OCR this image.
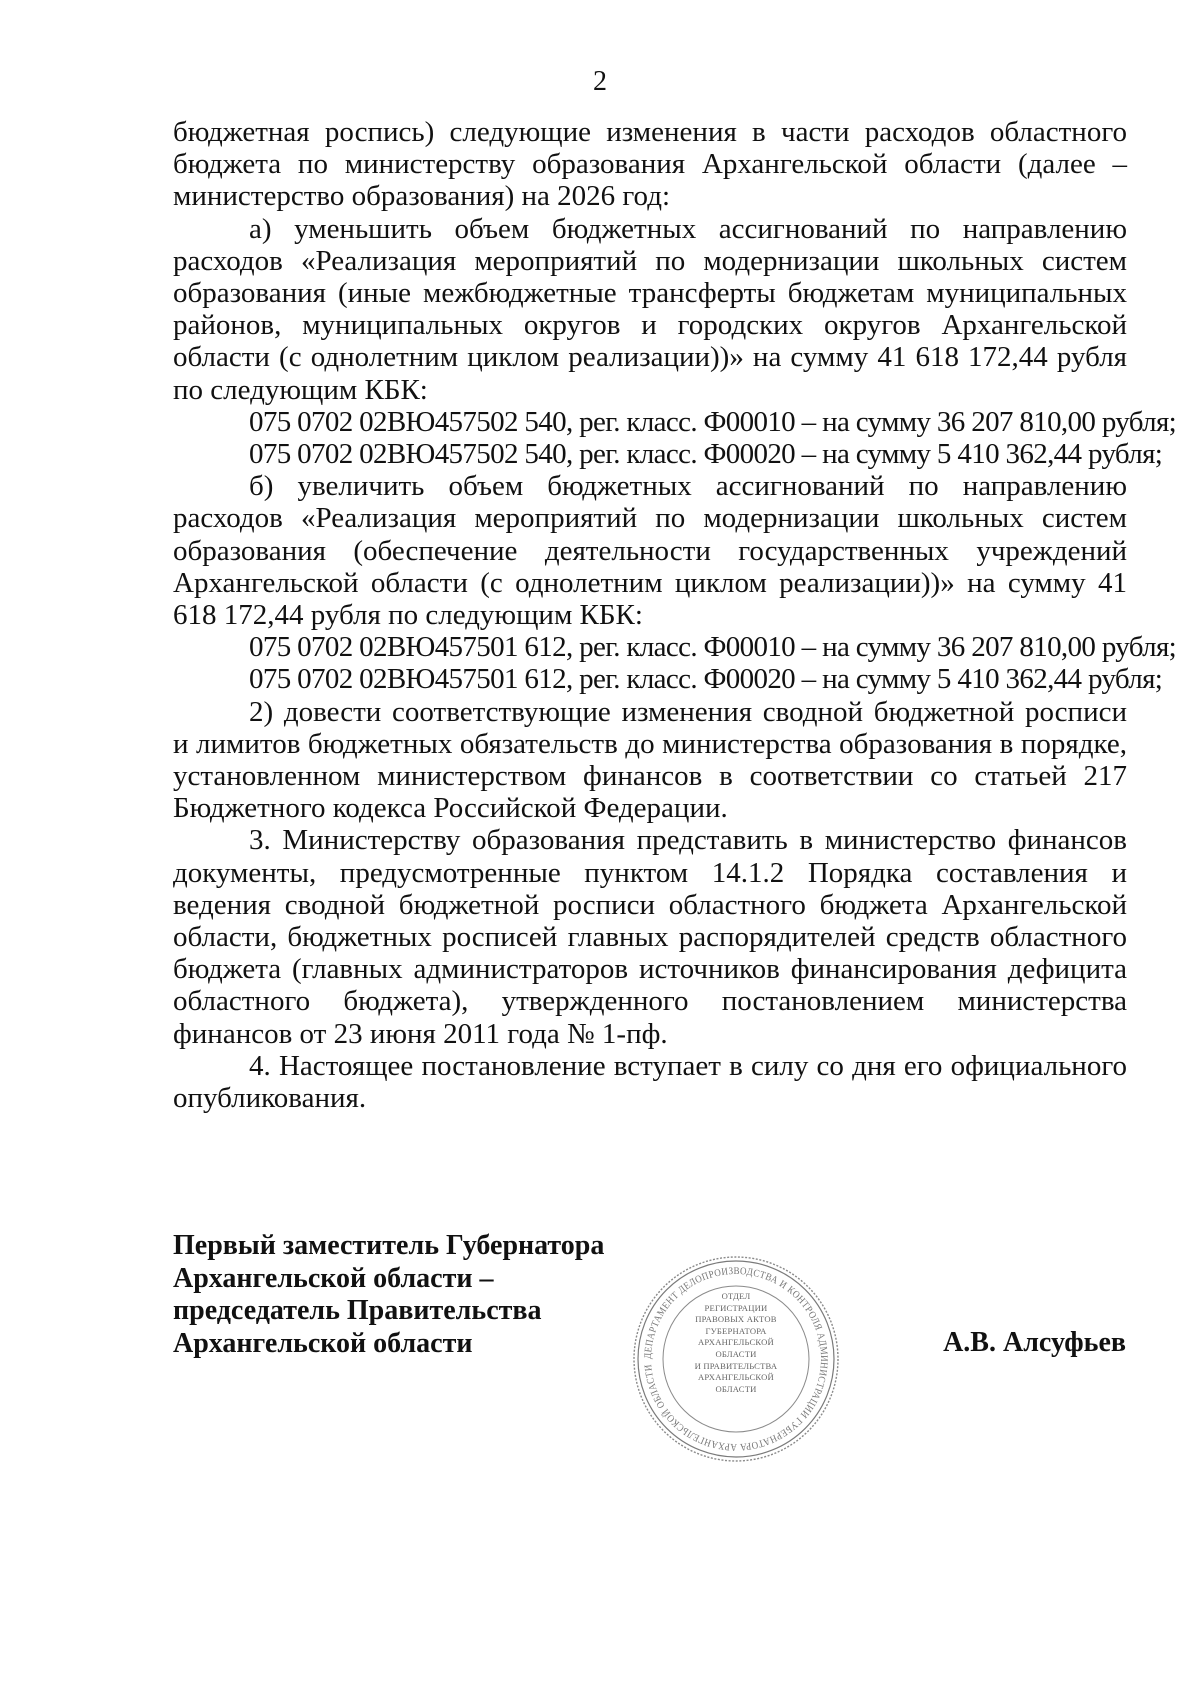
2

бюджетная роспись) следующие изменения в части расходов областного бюджета по министерству образования Архангельской области (далее – министерство образования) на 2026 год:

а) уменьшить объем бюджетных ассигнований по направлению расходов «Реализация мероприятий по модернизации школьных систем образования (иные межбюджетные трансферты бюджетам муниципальных районов, муниципальных округов и городских округов Архангельской области (с однолетним циклом реализации))» на сумму 41 618 172,44 рубля по следующим КБК:

075 0702 02ВЮ457502 540, рег. класс. Ф00010 – на сумму 36 207 810,00 рубля;

075 0702 02ВЮ457502 540, рег. класс. Ф00020 – на сумму 5 410 362,44 рубля;

б) увеличить объем бюджетных ассигнований по направлению расходов «Реализация мероприятий по модернизации школьных систем образования (обеспечение деятельности государственных учреждений Архангельской области (с однолетним циклом реализации))» на сумму 41 618 172,44 рубля по следующим КБК:

075 0702 02ВЮ457501 612, рег. класс. Ф00010 – на сумму 36 207 810,00 рубля;

075 0702 02ВЮ457501 612, рег. класс. Ф00020 – на сумму 5 410 362,44 рубля;

2) довести соответствующие изменения сводной бюджетной росписи и лимитов бюджетных обязательств до министерства образования в порядке, установленном министерством финансов в соответствии со статьей 217 Бюджетного кодекса Российской Федерации.

3. Министерству образования представить в министерство финансов документы, предусмотренные пунктом 14.1.2 Порядка составления и ведения сводной бюджетной росписи областного бюджета Архангельской области, бюджетных росписей главных распорядителей средств областного бюджета (главных администраторов источников финансирования дефицита областного бюджета), утвержденного постановлением министерства финансов от 23 июня 2011 года № 1-пф.

4. Настоящее постановление вступает в силу со дня его официального опубликования.

Первый заместитель Губернатора
Архангельской области –
председатель Правительства
Архангельской области	ДЕПАРТАМЕНТ ДЕЛОПРОИЗВОДСТВА И КОНТРОЛЯ АДМИНИСТРАЦИИ ГУБЕРНАТОРА АРХАНГЕЛЬСКОЙ ОБЛАСТИ
ОТДЕЛ
РЕГИСТРАЦИИ
ПРАВОВЫХ АКТОВ
ГУБЕРНАТОРА
АРХАНГЕЛЬСКОЙ
ОБЛАСТИ
И ПРАВИТЕЛЬСТВА
АРХАНГЕЛЬСКОЙ
ОБЛАСТИ
А.В. Алсуфьев
